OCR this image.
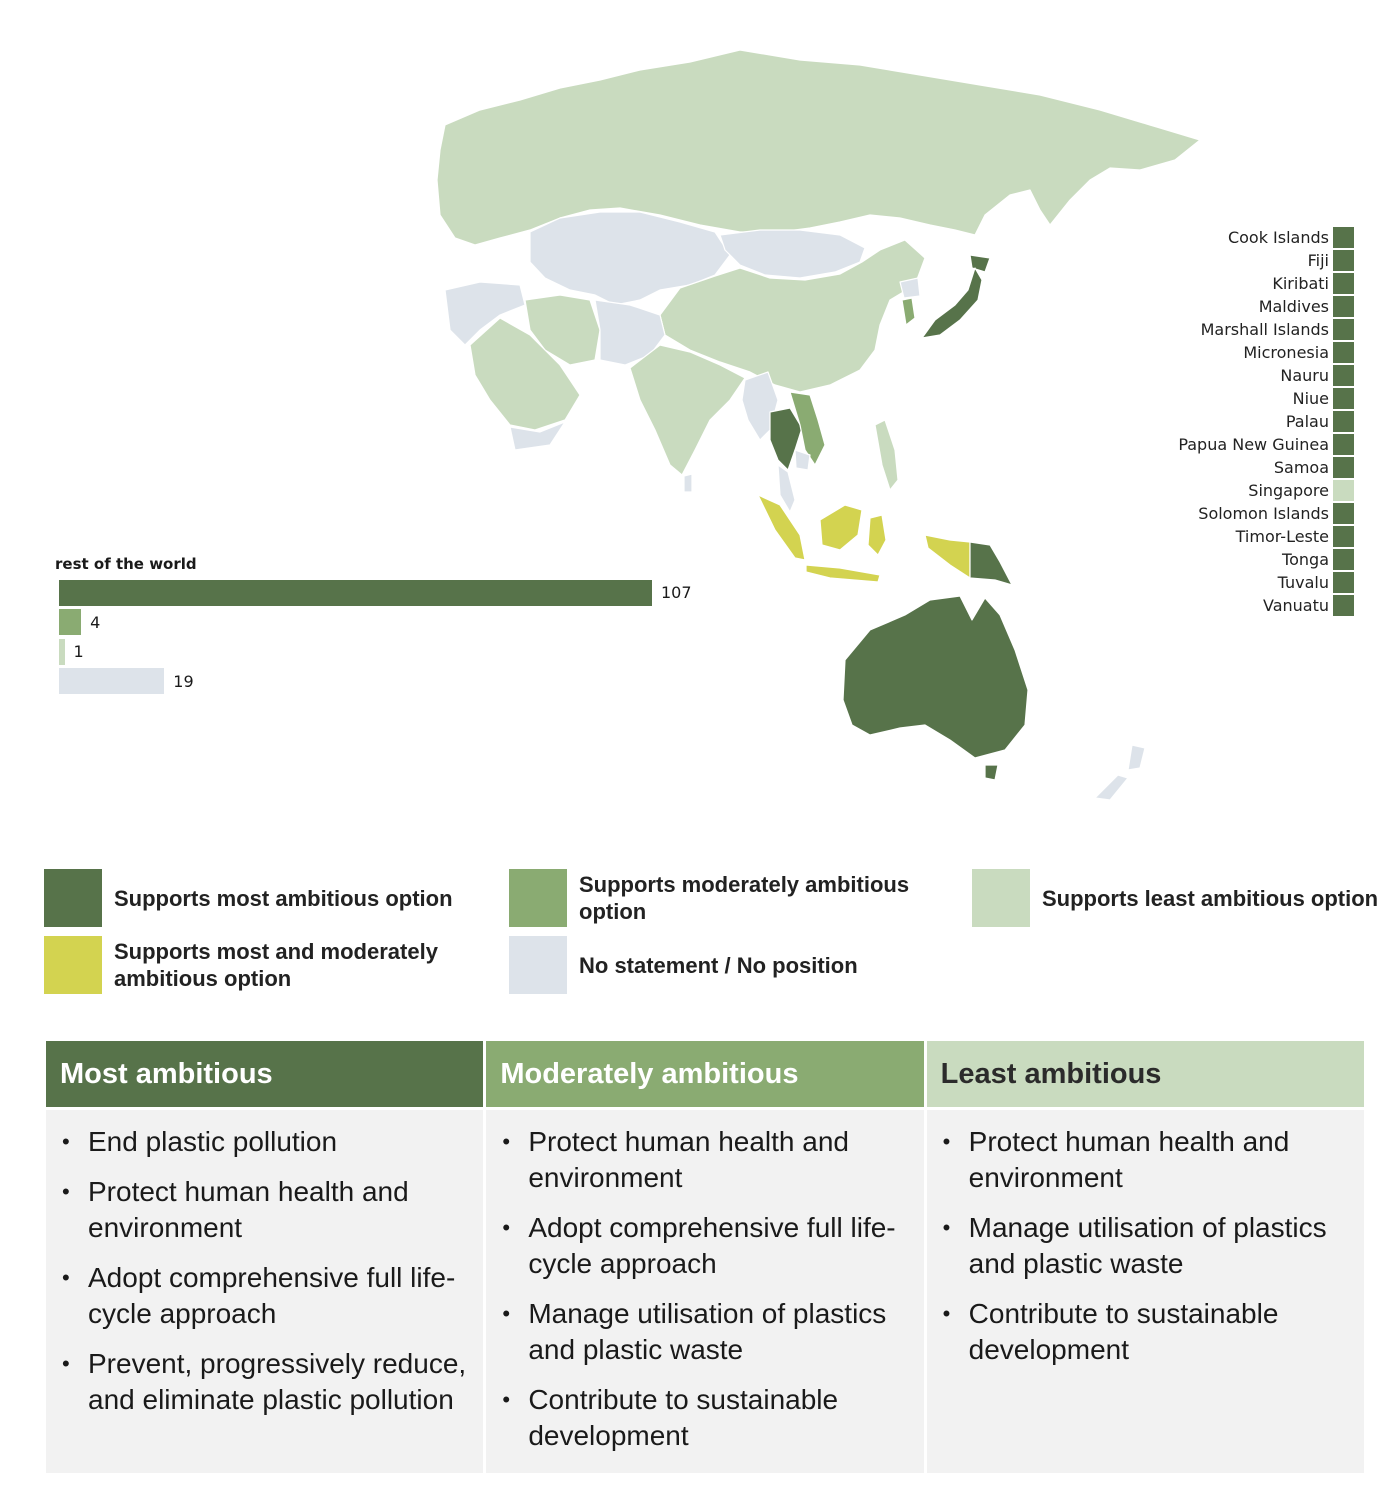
Cook Islands
Fiji
Kiribati
Maldives
Marshall Islands
Micronesia
Nauru
Niue
Palau
Papua New Guinea
Samoa
Singapore
Solomon Islands
Timor-Leste
Tonga
Tuvalu
Vanuatu
rest of the world
107
4
1
19
Supports most ambitious option
Supports moderately ambitious option
Supports least ambitious option
Supports most and moderately ambitious option
No statement / No position
Most ambitious
• End plastic pollution
• Protect human health and environment
• Adopt comprehensive full life-cycle approach
• Prevent, progressively reduce, and eliminate plastic pollution
Moderately ambitious
• Protect human health and environment
• Adopt comprehensive full life-cycle approach
• Manage utilisation of plastics and plastic waste
• Contribute to sustainable development
Least ambitious
• Protect human health and environment
• Manage utilisation of plastics and plastic waste
• Contribute to sustainable development
